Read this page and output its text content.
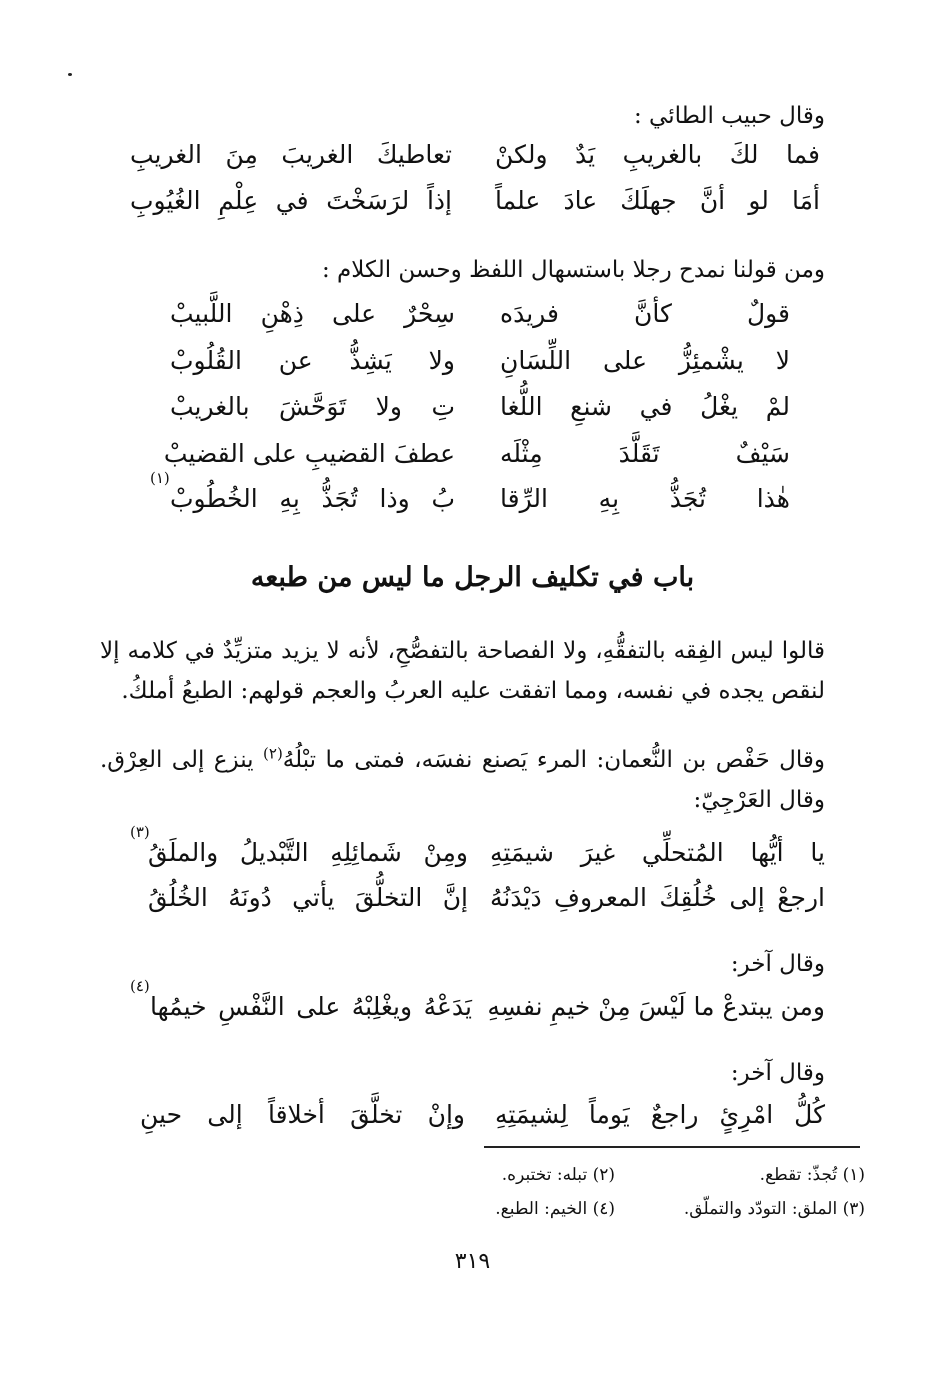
وقال حبيب الطائي :
فما لكَ بالغريبِ يَدٌ ولكنْ
تعاطيكَ الغريبَ مِنَ الغريبِ
أمَا لو أنَّ جهلَكَ عادَ علماً
إذاً لرَسَخْتَ في عِلْمِ الغُيُوبِ
ومن قولنا نمدح رجلا باستسهال اللفظ وحسن الكلام :
قولٌ كأنَّ فريدَه
سِحْرٌ على ذِهْنِ اللَّبيبْ
لا يشْمئِزُّ على اللِّسَانِ
ولا يَشِذُّ عن القُلُوبْ
لمْ يغْلُ في شنعِ اللُّغا
تِ ولا تَوَحَّشَ بالغريبْ
سَيْفٌ تَقَلَّدَ مِثْلَه
عطفَ القضيبِ على القضيبْ
هٰذا تُجَذُّ بِهِ الرِّقا
بُ وذا تُجَذُّ بِهِ الخُطُوبْ
(١)
باب في تكليف الرجل ما ليس من طبعه
قالوا ليس الفِقه بالتفقُّهِ، ولا الفصاحة بالتفصُّحِ، لأنه لا يزيد متزيِّدٌ في كلامه إلا لنقص يجده في نفسه، ومما اتفقت عليه العربُ والعجم قولهم: الطبعُ أملكُ.
وقال حَفْص بن النُّعمان: المرء يَصنع نفسَه، فمتى ما تبْلُهُ$^{(٢)}$ ينزع إلى العِرْق. وقال العَرْجِيّ:
يا أيُّها المُتحلِّي غيرَ شيمَتِهِ
ومِنْ شَمائِلِهِ التَّبْديلُ والملَقُ
(٣)
ارجعْ إلى خُلُقِكَ المعروفِ دَيْدَنُهُ
إنَّ التخلُّقَ يأتي دُونَهُ الخُلُقُ
وقال آخر:
ومن يبتدعْ ما لَيْسَ مِنْ خيمِ نفسِهِ
يَدَعْهُ ويغْلِبْهُ على النَّفْسِ خيمُها
(٤)
وقال آخر:
كُلُّ امْرِئٍ راجعٌ يَوماً لِشيمَتِهِ
وإنْ تخلَّقَ أخلاقاً إلى حينِ
(١) تُجذّ: تقطع.
(٢) تبله: تختبره.
(٣) الملق: التودّد والتملّق.
(٤) الخيم: الطبع.
٣١٩
